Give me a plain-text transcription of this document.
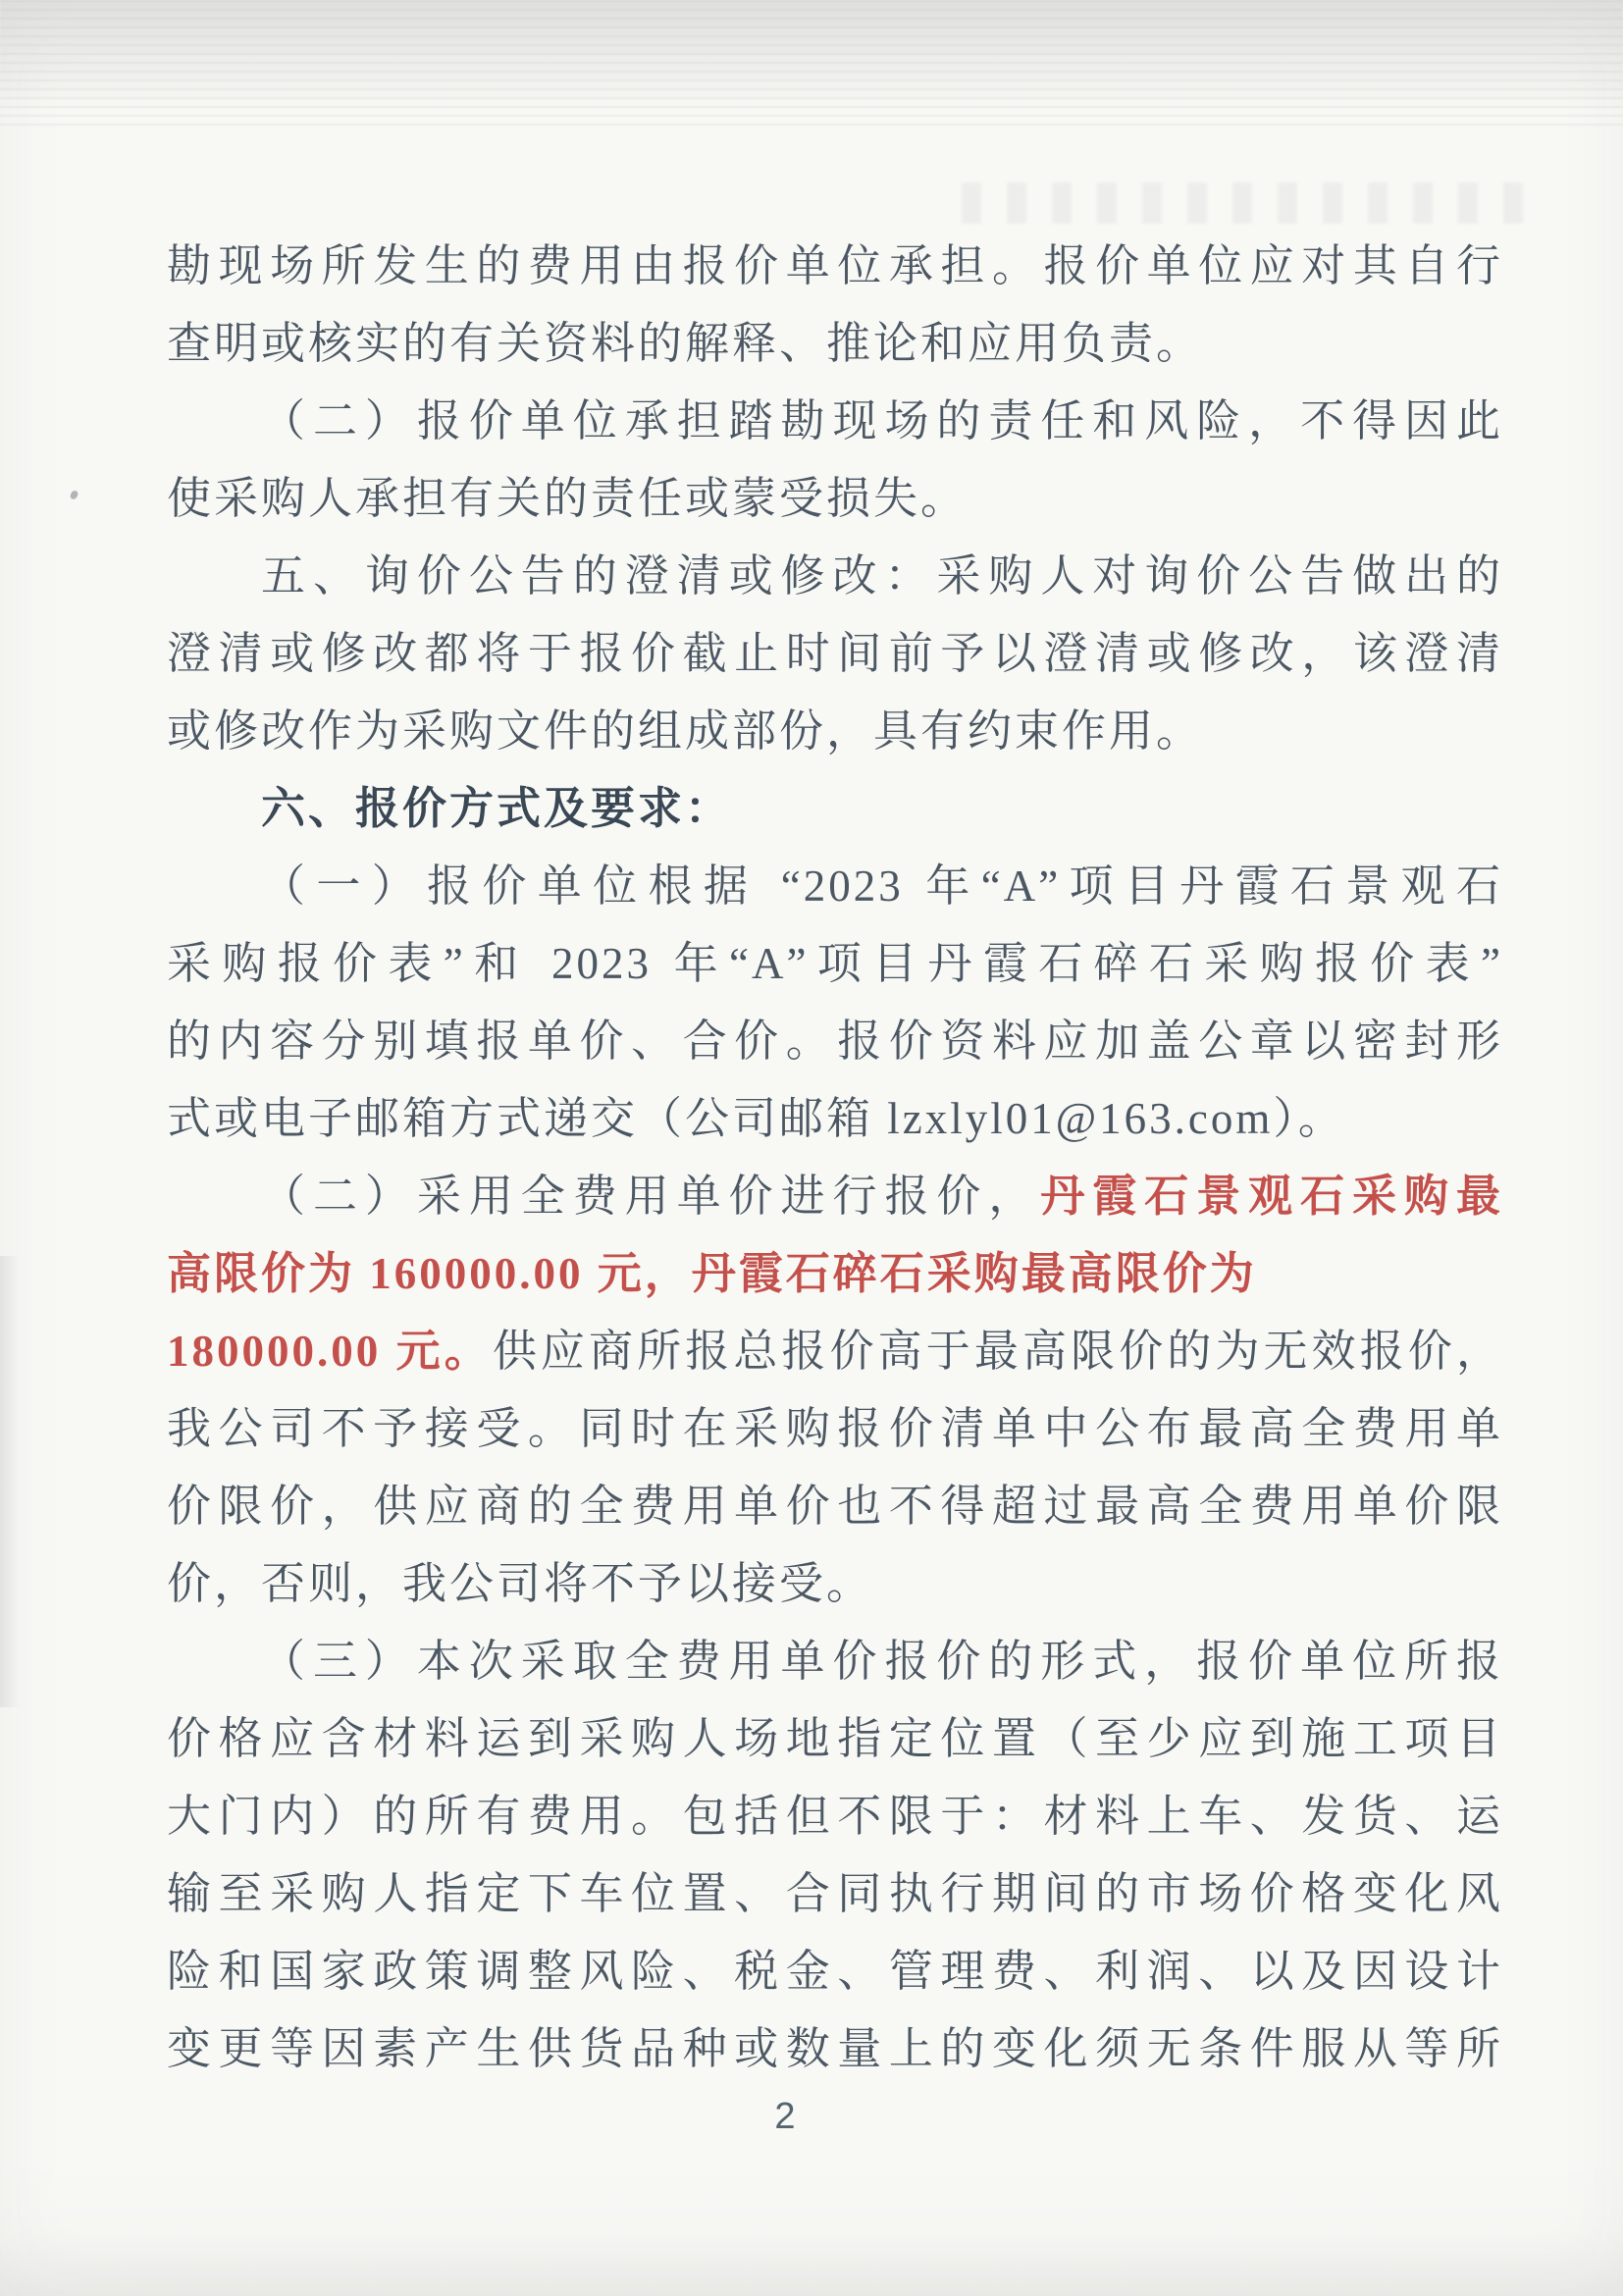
勘现场所发生的费用由报价单位承担。报价单位应对其自行
查明或核实的有关资料的解释、推论和应用负责。
（二）报价单位承担踏勘现场的责任和风险，不得因此
使采购人承担有关的责任或蒙受损失。
五、询价公告的澄清或修改：采购人对询价公告做出的
澄清或修改都将于报价截止时间前予以澄清或修改，该澄清
或修改作为采购文件的组成部份，具有约束作用。
六、报价方式及要求：
（一）报价单位根据 “2023 年“A”项目丹霞石景观石
采购报价表”和 2023 年“A”项目丹霞石碎石采购报价表”
的内容分别填报单价、合价。报价资料应加盖公章以密封形
式或电子邮箱方式递交（公司邮箱 lzxlyl01@163.com）。
（二）采用全费用单价进行报价，丹霞石景观石采购最
高限价为 160000.00 元，丹霞石碎石采购最高限价为
180000.00 元。供应商所报总报价高于最高限价的为无效报价，
我公司不予接受。同时在采购报价清单中公布最高全费用单
价限价，供应商的全费用单价也不得超过最高全费用单价限
价，否则，我公司将不予以接受。
（三）本次采取全费用单价报价的形式，报价单位所报
价格应含材料运到采购人场地指定位置（至少应到施工项目
大门内）的所有费用。包括但不限于：材料上车、发货、运
输至采购人指定下车位置、合同执行期间的市场价格变化风
险和国家政策调整风险、税金、管理费、利润、以及因设计
变更等因素产生供货品种或数量上的变化须无条件服从等所
2
